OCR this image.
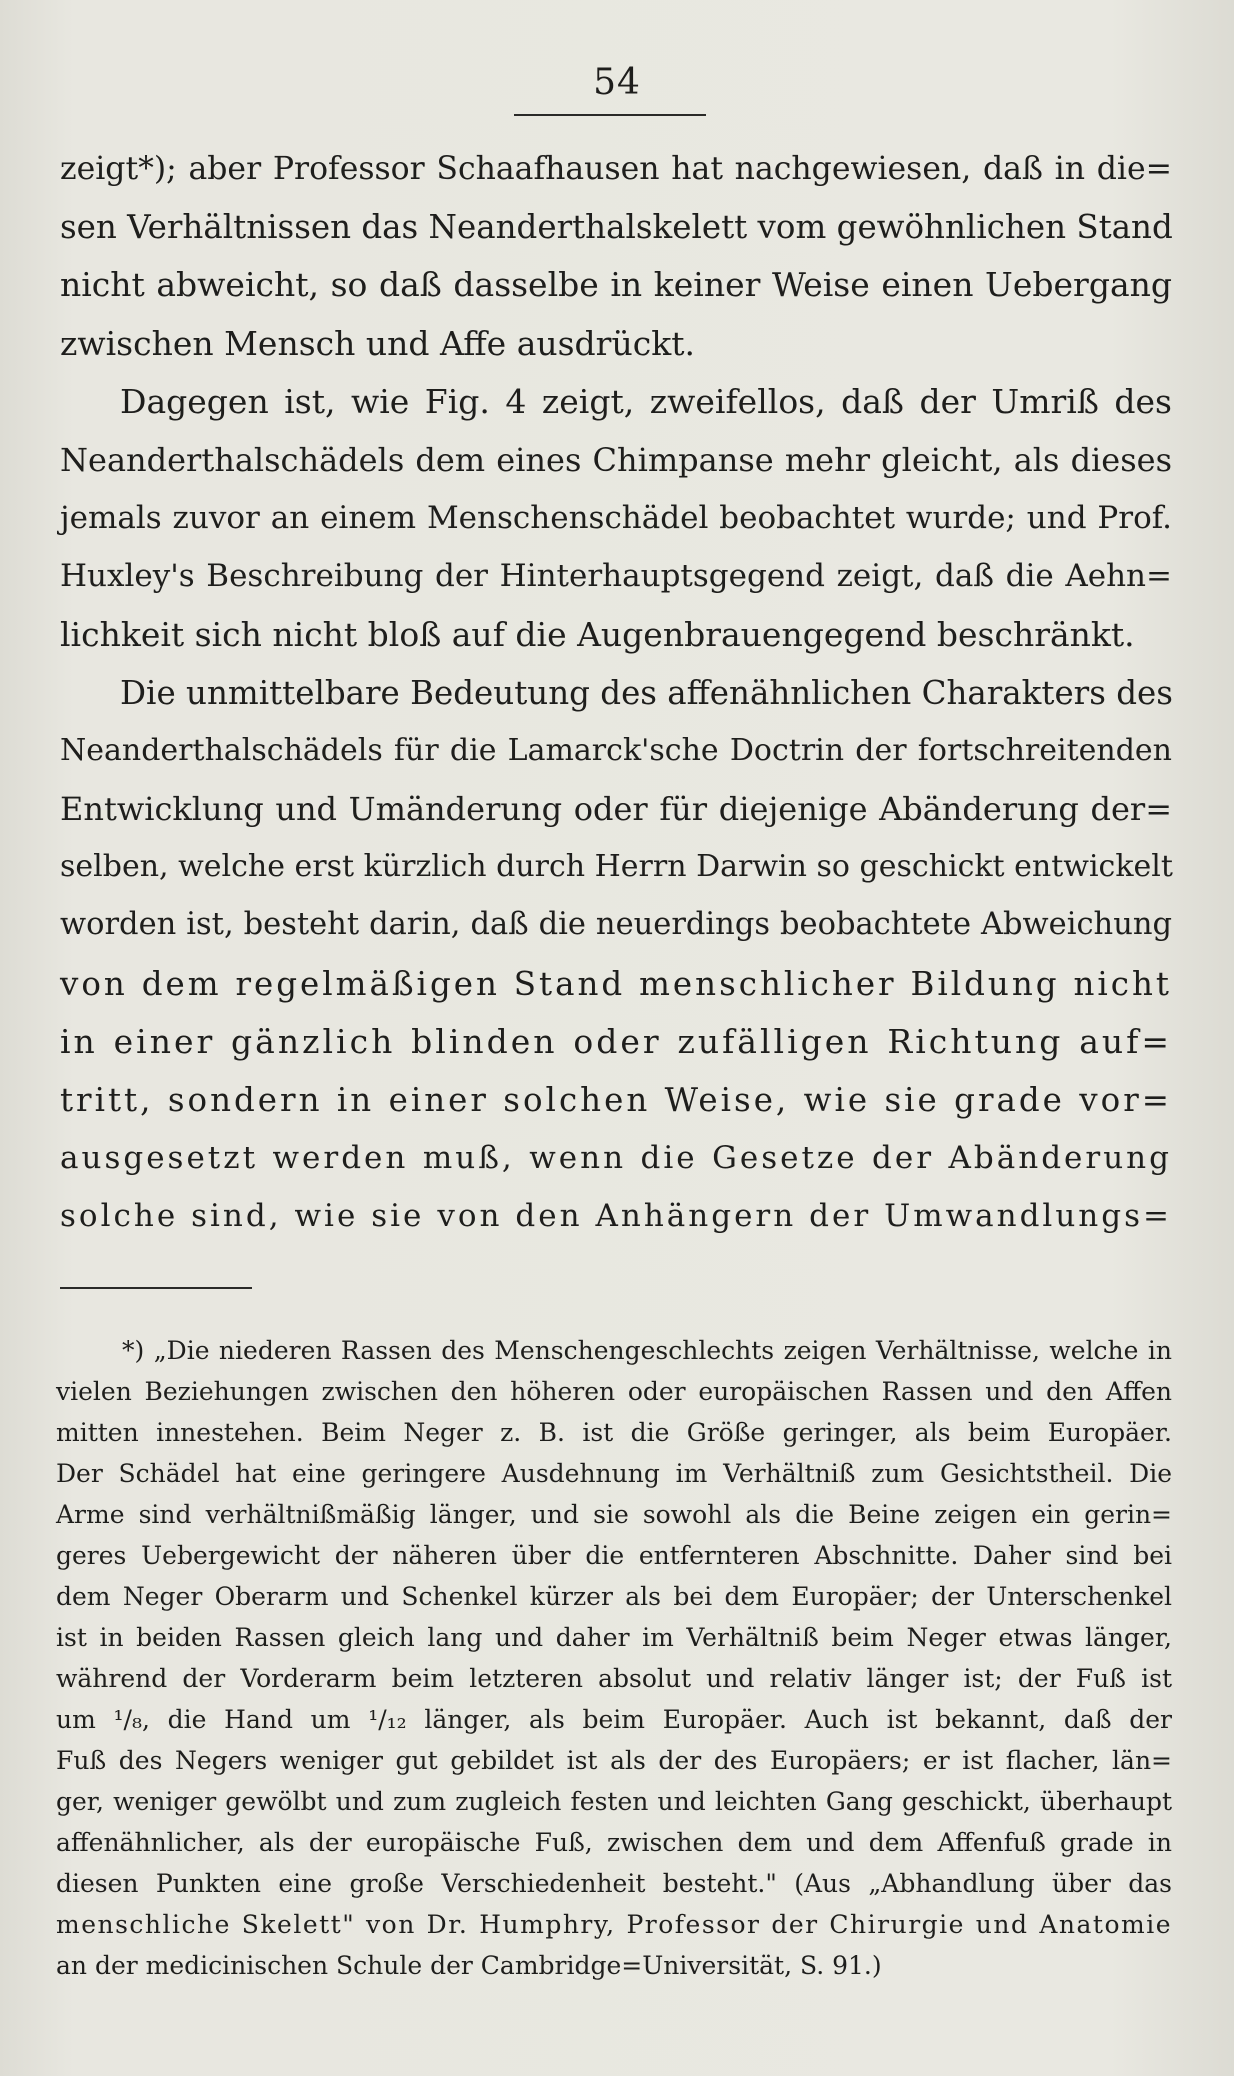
54
zeigt*); aber Professor Schaafhausen hat nachgewiesen, daß in die=
sen Verhältnissen das Neanderthalskelett vom gewöhnlichen Stand
nicht abweicht, so daß dasselbe in keiner Weise einen Uebergang
zwischen Mensch und Affe ausdrückt.
Dagegen ist, wie Fig. 4 zeigt, zweifellos, daß der Umriß des
Neanderthalschädels dem eines Chimpanse mehr gleicht, als dieses
jemals zuvor an einem Menschenschädel beobachtet wurde; und Prof.
Huxley's Beschreibung der Hinterhauptsgegend zeigt, daß die Aehn=
lichkeit sich nicht bloß auf die Augenbrauengegend beschränkt.
Die unmittelbare Bedeutung des affenähnlichen Charakters des
Neanderthalschädels für die Lamarck'sche Doctrin der fortschreitenden
Entwicklung und Umänderung oder für diejenige Abänderung der=
selben, welche erst kürzlich durch Herrn Darwin so geschickt entwickelt
worden ist, besteht darin, daß die neuerdings beobachtete Abweichung
von dem regelmäßigen Stand menschlicher Bildung nicht
in einer gänzlich blinden oder zufälligen Richtung auf=
tritt, sondern in einer solchen Weise, wie sie grade vor=
ausgesetzt werden muß, wenn die Gesetze der Abänderung
solche sind, wie sie von den Anhängern der Umwandlungs=
*) „Die niederen Rassen des Menschengeschlechts zeigen Verhältnisse, welche in
vielen Beziehungen zwischen den höheren oder europäischen Rassen und den Affen
mitten innestehen. Beim Neger z. B. ist die Größe geringer, als beim Europäer.
Der Schädel hat eine geringere Ausdehnung im Verhältniß zum Gesichtstheil. Die
Arme sind verhältnißmäßig länger, und sie sowohl als die Beine zeigen ein gerin=
geres Uebergewicht der näheren über die entfernteren Abschnitte. Daher sind bei
dem Neger Oberarm und Schenkel kürzer als bei dem Europäer; der Unterschenkel
ist in beiden Rassen gleich lang und daher im Verhältniß beim Neger etwas länger,
während der Vorderarm beim letzteren absolut und relativ länger ist; der Fuß ist
um ¹/₈, die Hand um ¹/₁₂ länger, als beim Europäer. Auch ist bekannt, daß der
Fuß des Negers weniger gut gebildet ist als der des Europäers; er ist flacher, län=
ger, weniger gewölbt und zum zugleich festen und leichten Gang geschickt, überhaupt
affenähnlicher, als der europäische Fuß, zwischen dem und dem Affenfuß grade in
diesen Punkten eine große Verschiedenheit besteht." (Aus „Abhandlung über das
menschliche Skelett" von Dr. Humphry, Professor der Chirurgie und Anatomie
an der medicinischen Schule der Cambridge=Universität, S. 91.)
